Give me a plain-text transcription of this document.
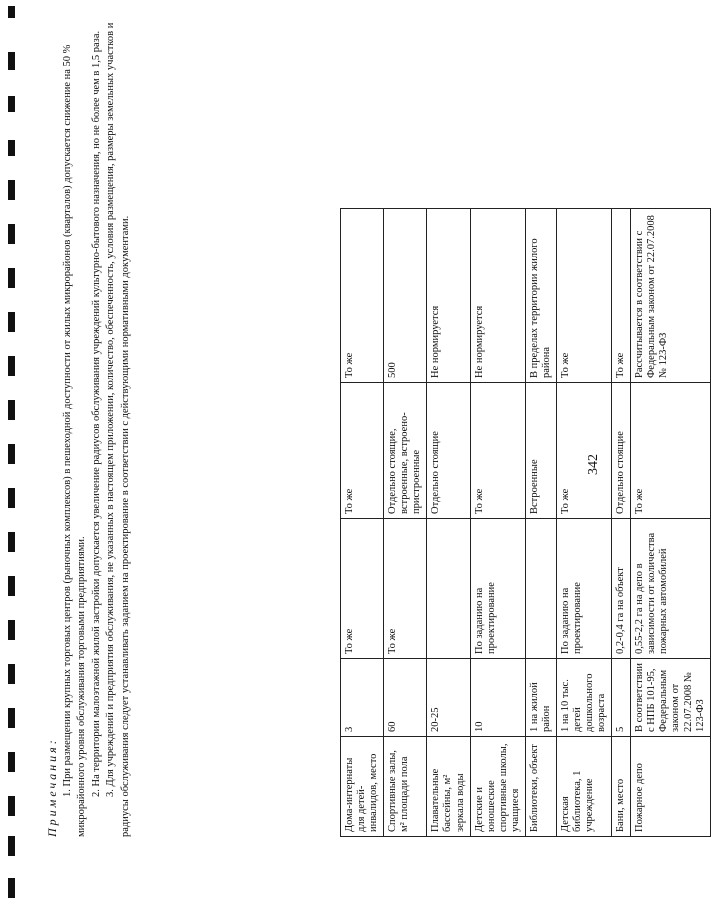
342
Дома-интернаты для детей-инвалидов, место	3	То же	То же	То же
Спортивные залы, м² площади пола	60	То же	Отдельно стоящие, встроенные, встроено-пристроенные	500
Плавательные бассейны, м² зеркала воды	20-25		Отдельно стоящие	Не нормируется
Детские и юношеские спортивные школы, учащиеся	10	По заданию на проектирование	То же	Не нормируется
Библиотеки, объект	1 на жилой район		Встроенные	В пределах территории жилого района
Детская библиотека, 1 учреждение	1 на 10 тыс. детей дошкольного возраста	По заданию на проектирование	То же	То же
Бани, место	5	0,2-0,4 га на объект	Отдельно стоящие	То же
Пожарное депо	В соответствии с НПБ 101-95, Федеральным законом от 22.07.2008 № 123-ФЗ	0,55-2,2 га на депо в зависимости от количества пожарных автомобилей	То же	Рассчитывается в соответствии с Федеральным законом от 22.07.2008 № 123-ФЗ
Примечания: 1. При размещении крупных торговых центров (рыночных комплексов) в пешеходной доступности от жилых микрорайонов (кварталов) допускается снижение на 50 % микрорайонного уровня обслуживания торговыми предприятиями. 2. На территории малоэтажной жилой застройки допускается увеличение радиусов обслуживания учреждений культурно-бытового назначения, но не более чем в 1,5 раза. 3. Для учреждений и предприятия обслуживания, не указанных в настоящем приложении, количество, обеспеченность, условия размещения, размеры земельных участков и радиусы обслуживания следует устанавливать заданием на проектирование в соответствии с действующими нормативными документами.
